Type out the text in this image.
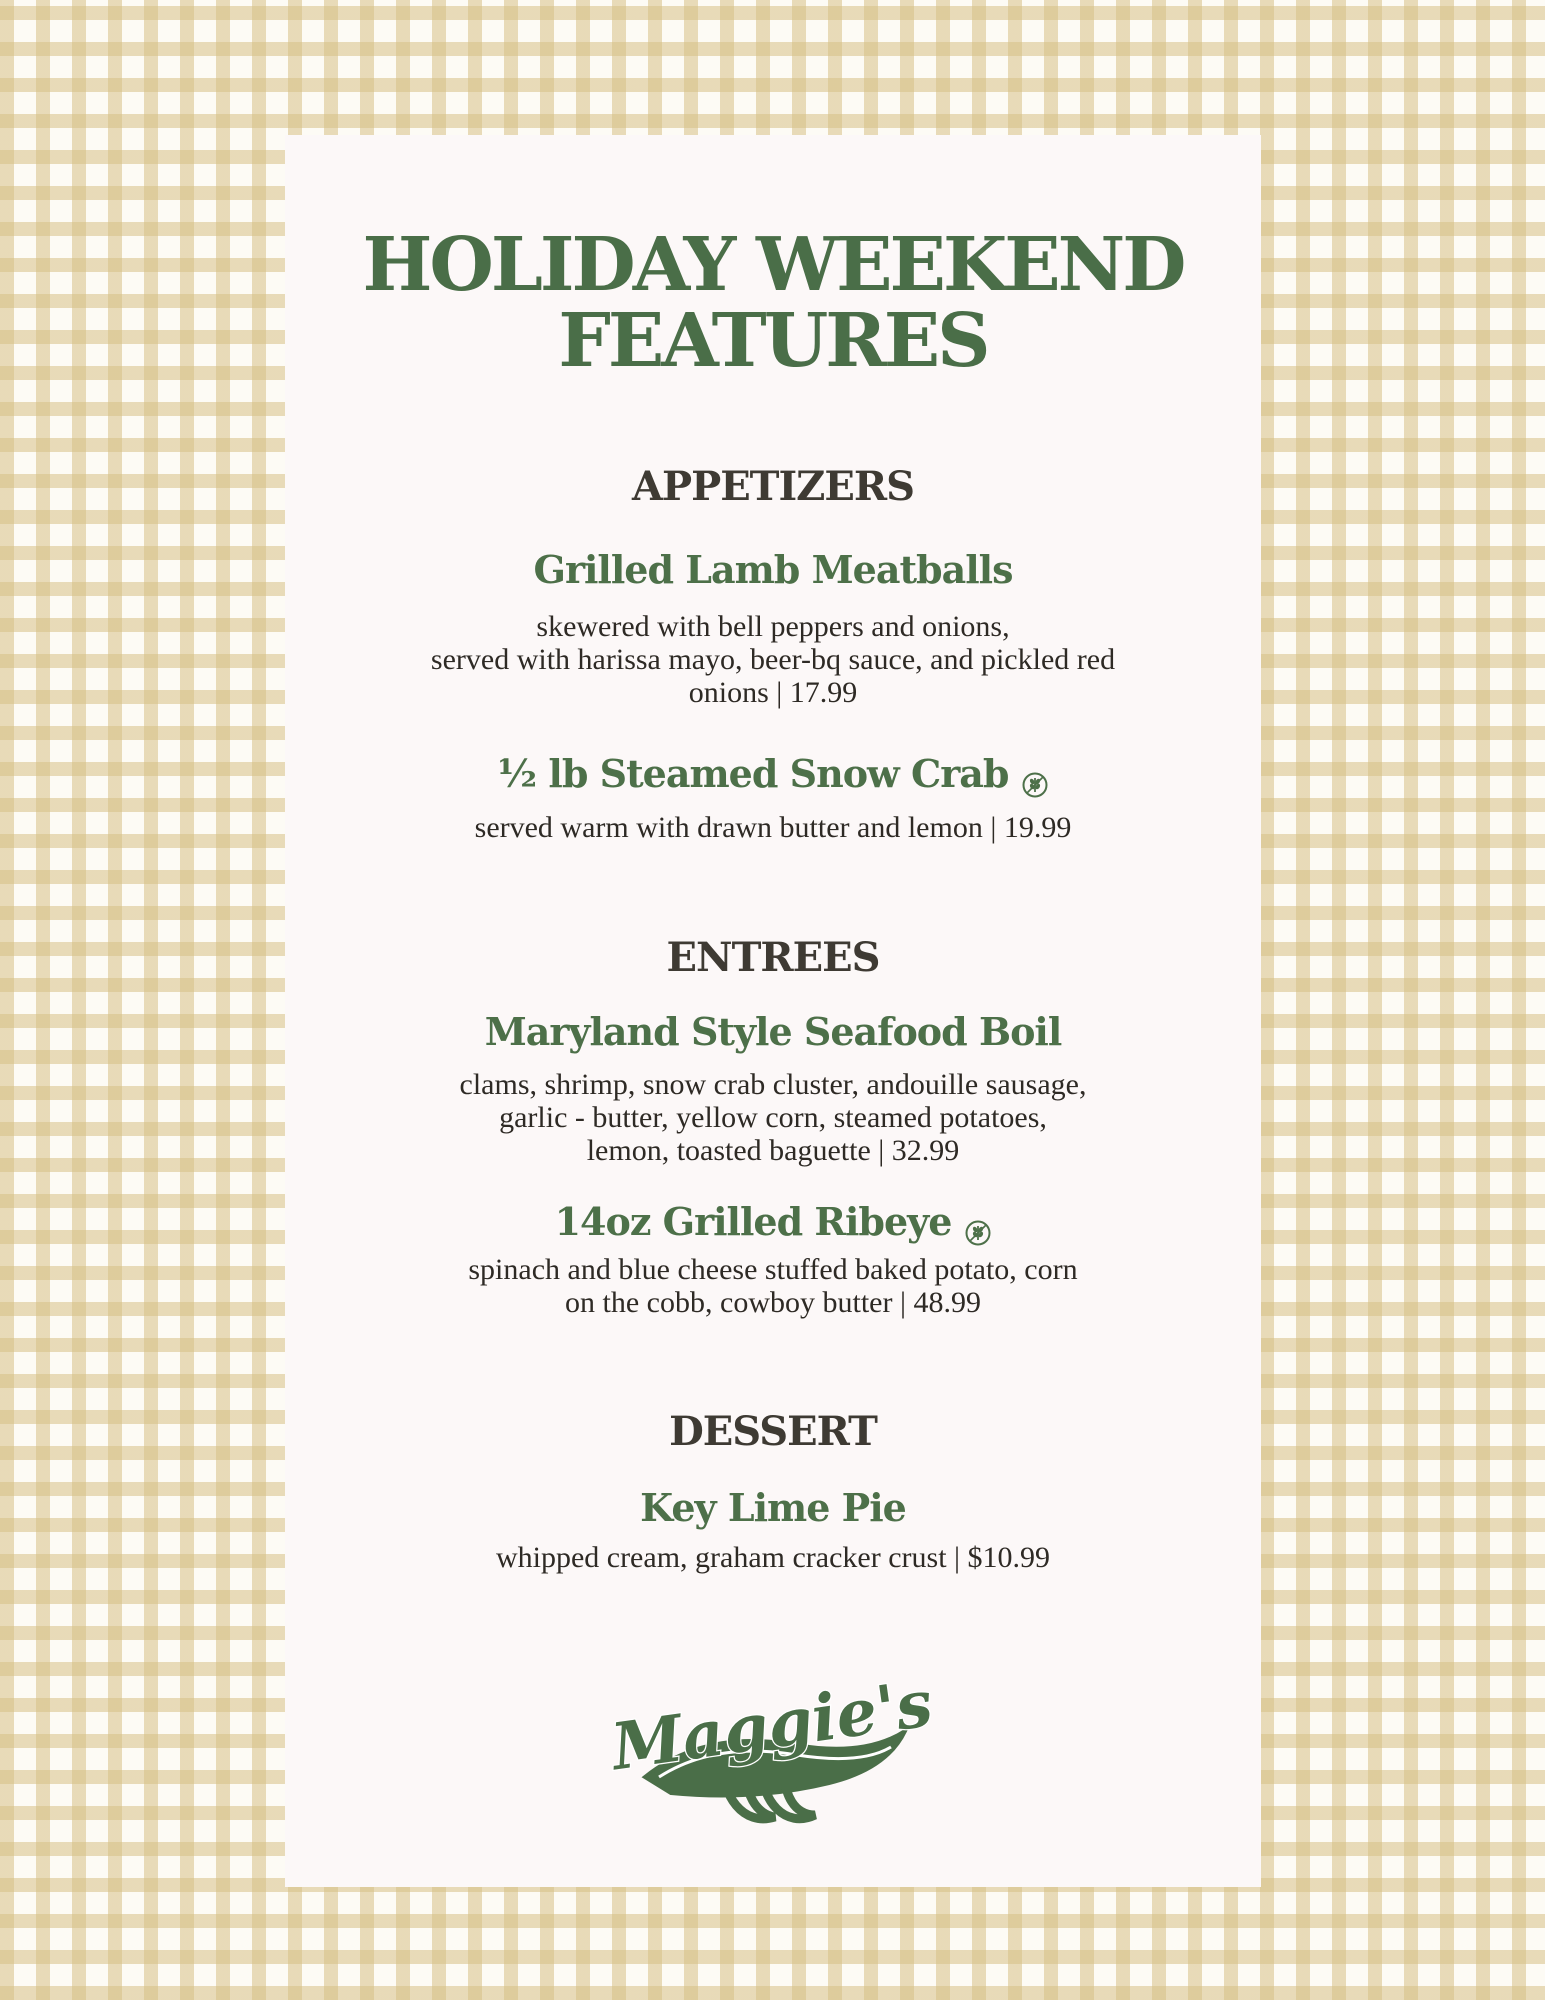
HOLIDAY WEEKEND
FEATURES
APPETIZERS
Grilled Lamb Meatballs

skewered with bell peppers and onions,
served with harissa mayo, beer-bq sauce, and pickled red
onions | 17.99

½ lb Steamed Snow Crab

served warm with drawn butter and lemon | 19.99

ENTREES
Maryland Style Seafood Boil

clams, shrimp, snow crab cluster, andouille sausage,
garlic - butter, yellow corn, steamed potatoes,
lemon, toasted baguette | 32.99

14oz Grilled Ribeye

spinach and blue cheese stuffed baked potato, corn
on the cobb, cowboy butter | 48.99

DESSERT
Key Lime Pie

whipped cream, graham cracker crust | $10.99

Maggie's
